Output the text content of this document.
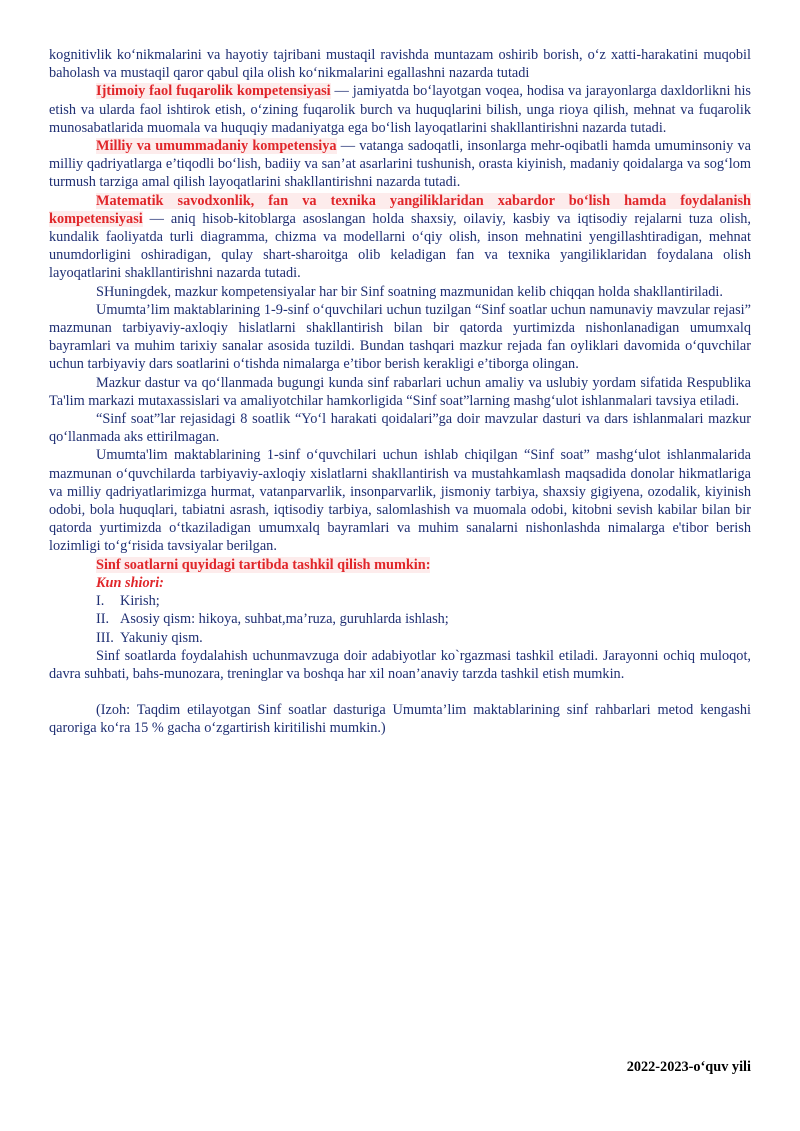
kognitivlik ko‘nikmalarini va hayotiy tajribani mustaqil ravishda muntazam oshirib borish, o‘z xatti-harakatini muqobil baholash va mustaqil qaror qabul qila olish ko‘nikmalarini egallashni nazarda tutadi

Ijtimoiy faol fuqarolik kompetensiyasi — jamiyatda bo‘layotgan voqea, hodisa va jarayonlarga daxldorlikni his etish va ularda faol ishtirok etish, o‘zining fuqarolik burch va huquqlarini bilish, unga rioya qilish, mehnat va fuqarolik munosabatlarida muomala va huquqiy madaniyatga ega bo‘lish layoqatlarini shakllantirishni nazarda tutadi.

Milliy va umummadaniy kompetensiya — vatanga sadoqatli, insonlarga mehr-oqibatli hamda umuminsoniy va milliy qadriyatlarga e’tiqodli bo‘lish, badiiy va san’at asarlarini tushunish, orasta kiyinish, madaniy qoidalarga va sog‘lom turmush tarziga amal qilish layoqatlarini shakllantirishni nazarda tutadi.

Matematik savodxonlik, fan va texnika yangiliklaridan xabardor bo‘lish hamda foydalanish kompetensiyasi — aniq hisob-kitoblarga asoslangan holda shaxsiy, oilaviy, kasbiy va iqtisodiy rejalarni tuza olish, kundalik faoliyatda turli diagramma, chizma va modellarni o‘qiy olish, inson mehnatini yengillashtiradigan, mehnat unumdorligini oshiradigan, qulay shart-sharoitga olib keladigan fan va texnika yangiliklaridan foydalana olish layoqatlarini shakllantirishni nazarda tutadi.

SHuningdek, mazkur kompetensiyalar har bir Sinf soatning mazmunidan kelib chiqqan holda shakllantiriladi.

Umumta’lim maktablarining 1-9-sinf o‘quvchilari uchun tuzilgan “Sinf soatlar uchun namunaviy mavzular rejasi” mazmunan tarbiyaviy-axloqiy hislatlarni shakllantirish bilan bir qatorda yurtimizda nishonlanadigan umumxalq bayramlari va muhim tarixiy sanalar asosida tuzildi. Bundan tashqari mazkur rejada fan oyliklari davomida o‘quvchilar uchun tarbiyaviy dars soatlarini o‘tishda nimalarga e’tibor berish kerakligi e’tiborga olingan.

Mazkur dastur va qo‘llanmada bugungi kunda sinf rabarlari uchun amaliy va uslubiy yordam sifatida Respublika Ta'lim markazi mutaxassislari va amaliyotchilar hamkorligida “Sinf soat”larning mashg‘ulot ishlanmalari tavsiya etiladi.

“Sinf soat”lar rejasidagi 8 soatlik “Yo‘l harakati qoidalari”ga doir mavzular dasturi va dars ishlanmalari mazkur qo‘llanmada aks ettirilmagan.

Umumta'lim maktablarining 1-sinf o‘quvchilari uchun ishlab chiqilgan “Sinf soat” mashg‘ulot ishlanmalarida mazmunan o‘quvchilarda tarbiyaviy-axloqiy xislatlarni shakllantirish va mustahkamlash maqsadida donolar hikmatlariga va milliy qadriyatlarimizga hurmat, vatanparvarlik, insonparvarlik, jismoniy tarbiya, shaxsiy gigiyena, ozodalik, kiyinish odobi, bola huquqlari, tabiatni asrash, iqtisodiy tarbiya, salomlashish va muomala odobi, kitobni sevish kabilar bilan bir qatorda yurtimizda o‘tkaziladigan umumxalq bayramlari va muhim sanalarni nishonlashda nimalarga e'tibor berish lozimligi to‘g‘risida tavsiyalar berilgan.

Sinf soatlarni quyidagi tartibda tashkil qilish mumkin:

Kun shiori:

I. Kirish;

II. Asosiy qism: hikoya, suhbat,ma’ruza, guruhlarda ishlash;

III. Yakuniy qism.

Sinf soatlarda foydalahish uchunmavzuga doir adabiyotlar ko`rgazmasi tashkil etiladi. Jarayonni ochiq muloqot, davra suhbati, bahs-munozara, treninglar va boshqa har xil noan’anaviy tarzda tashkil etish mumkin.

(Izoh: Taqdim etilayotgan Sinf soatlar dasturiga Umumta’lim maktablarining sinf rahbarlari metod kengashi qaroriga ko‘ra 15 % gacha o‘zgartirish kiritilishi mumkin.)

2022-2023-o‘quv yili
